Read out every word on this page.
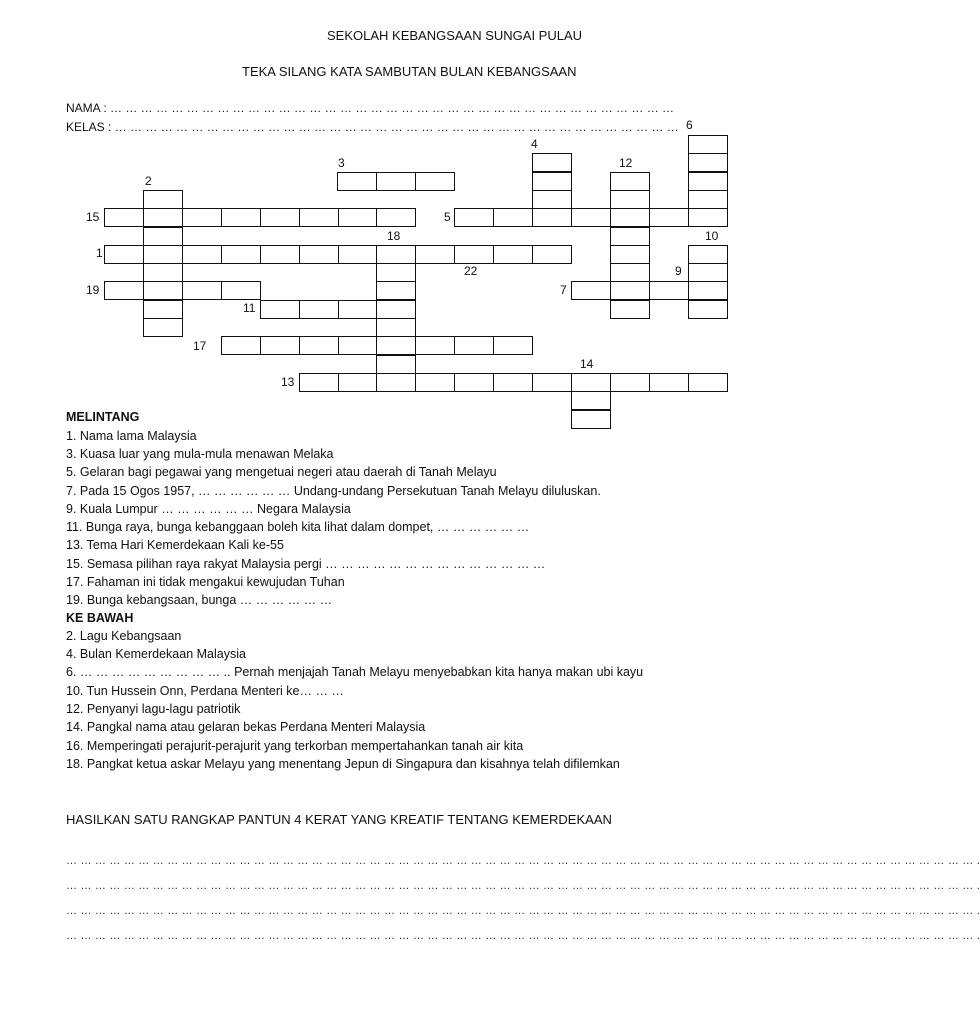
SEKOLAH KEBANGSAAN SUNGAI PULAU
TEKA SILANG KATA SAMBUTAN BULAN KEBANGSAAN
NAMA : … … … … … … … … … … … … … … … … … … … … … … … … … … … … … … … … … … … … …
KELAS : … … … … … … … … … … … … … … … … … … … … … … … … … … … … … … … … … … … … … 6
4
3	12
2
15	5
18	10
1
22	9
19	7
11
17
14
13
MELINTANG
1. Nama lama Malaysia
3. Kuasa luar yang mula-mula menawan Melaka
5. Gelaran bagi pegawai yang mengetuai negeri atau daerah di Tanah Melayu
7. Pada 15 Ogos 1957, … … … … … … Undang-undang Persekutuan Tanah Melayu diluluskan.
9. Kuala Lumpur … … … … … … Negara Malaysia
11. Bunga raya, bunga kebanggaan boleh kita lihat dalam dompet, … … … … … …
13. Tema Hari Kemerdekaan Kali ke-55
15. Semasa pilihan raya rakyat Malaysia pergi … … … … … … … … … … … … … …
17. Fahaman ini tidak mengakui kewujudan Tuhan
19. Bunga kebangsaan, bunga … … … … … …
KE BAWAH
2. Lagu Kebangsaan
4. Bulan Kemerdekaan Malaysia
6. … … … … … … … … … .. Pernah menjajah Tanah Melayu menyebabkan kita hanya makan ubi kayu
10. Tun Hussein Onn, Perdana Menteri ke… … …
12. Penyanyi lagu-lagu patriotik
14. Pangkal nama atau gelaran bekas Perdana Menteri Malaysia
16. Memperingati perajurit-perajurit yang terkorban mempertahankan tanah air kita
18. Pangkat ketua askar Melayu yang menentang Jepun di Singapura dan kisahnya telah difilemkan
HASILKAN SATU RANGKAP PANTUN 4 KERAT YANG KREATIF TENTANG KEMERDEKAAN
… … … … … … … … … … … … … … … … … … … … … … … … … … … … … … … … … … … … … … … … … … … … … … … … … … … … … … … … … … … … … … … .
… … … … … … … … … … … … … … … … … … … … … … … … … … … … … … … … … … … … … … … … … … … … … … … … … … … … … … … … … … … … … … … .
… … … … … … … … … … … … … … … … … … … … … … … … … … … … … … … … … … … … … … … … … … … … … … … … … … … … … … … … … … … … … … … .
… … … … … … … … … … … … … … … … … … … … … … … … … … … … … … … … … … … … … … … … … … … … … … … … … … … … … … … … … … … … … … … .
